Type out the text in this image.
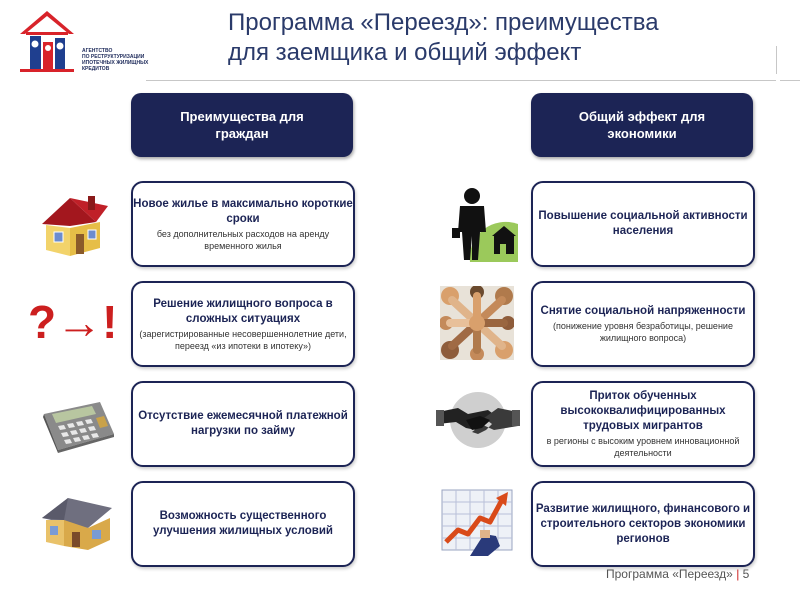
АГЕНТСТВО
ПО РЕСТРУКТУРИЗАЦИИ
ИПОТЕЧНЫХ ЖИЛИЩНЫХ
КРЕДИТОВ
Программа «Переезд»: преимущества
для заемщика и общий эффект
Преимущества для
граждан
Общий эффект для
экономики
Новое жилье в максимально короткие сроки
без дополнительных расходов на аренду временного жилья
Решение жилищного вопроса в сложных ситуациях
(зарегистрированные несовершеннолетние дети, переезд «из ипотеки в ипотеку»)
Отсутствие ежемесячной платежной нагрузки по займу
Возможность существенного улучшения жилищных условий
Повышение социальной активности населения
Снятие социальной напряженности
(понижение уровня безработицы, решение жилищного вопроса)
Приток обученных высококвалифицированных трудовых мигрантов
в регионы с высоким уровнем инновационной деятельности
Развитие жилищного, финансового и строительного секторов экономики регионов
?→!
Программа «Переезд» | 5
